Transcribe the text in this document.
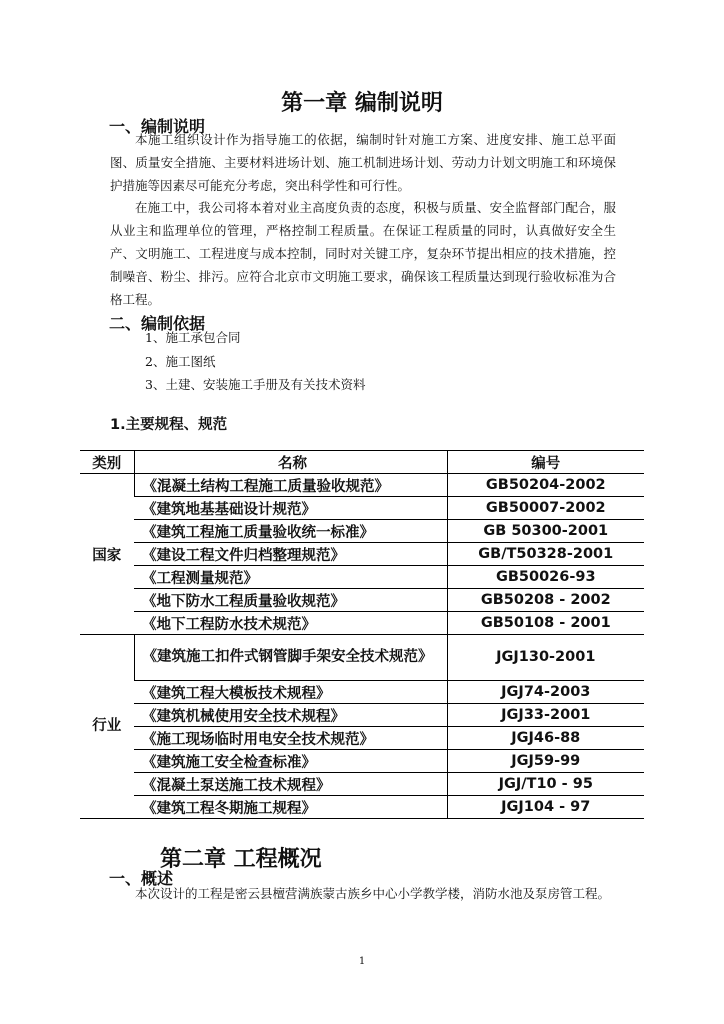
第一章 编制说明
一、编制说明

本施工组织设计作为指导施工的依据，编制时针对施工方案、进度安排、施工总平面图、质量安全措施、主要材料进场计划、施工机制进场计划、劳动力计划文明施工和环境保护措施等因素尽可能充分考虑，突出科学性和可行性。

在施工中，我公司将本着对业主高度负责的态度，积极与质量、安全监督部门配合，服从业主和监理单位的管理，严格控制工程质量。在保证工程质量的同时，认真做好安全生产、文明施工、工程进度与成本控制，同时对关键工序，复杂环节提出相应的技术措施，控制噪音、粉尘、排污。应符合北京市文明施工要求，确保该工程质量达到现行验收标准为合格工程。

二、编制依据
1、施工承包合同
2、施工图纸
3、土建、安装施工手册及有关技术资料
1.主要规程、规范
类别	名称	编号
国家	《混凝土结构工程施工质量验收规范》	GB50204-2002
	《建筑地基基础设计规范》	GB50007-2002
	《建筑工程施工质量验收统一标准》	GB 50300-2001
	《建设工程文件归档整理规范》	GB/T50328-2001
	《工程测量规范》	GB50026-93
	《地下防水工程质量验收规范》	GB50208 - 2002
	《地下工程防水技术规范》	GB50108 - 2001
行业	《建筑施工扣件式钢管脚手架安全技术规范》	JGJ130-2001
	《建筑工程大模板技术规程》	JGJ74-2003
	《建筑机械使用安全技术规程》	JGJ33-2001
	《施工现场临时用电安全技术规范》	JGJ46-88
	《建筑施工安全检查标准》	JGJ59-99
	《混凝土泵送施工技术规程》	JGJ/T10 - 95
	《建筑工程冬期施工规程》	JGJ104 - 97
第二章 工程概况
一、概述

本次设计的工程是密云县檀营满族蒙古族乡中心小学教学楼，消防水池及泵房管工程。

1
